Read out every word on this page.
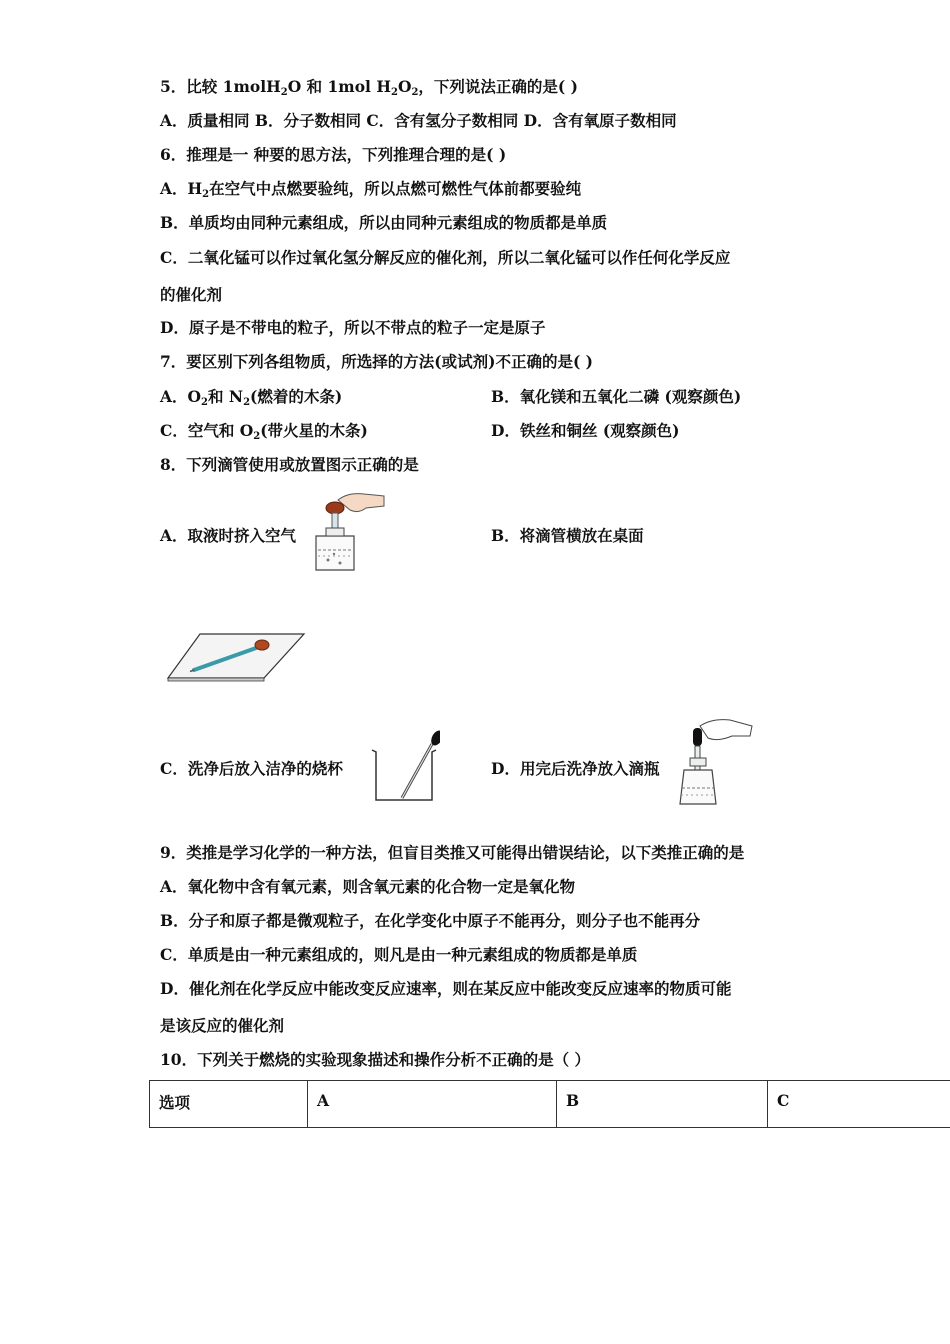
5．比较 1molH$_2$O 和 1mol $H_2O_2$，下列说法正确的是( )
A．质量相同 B．分子数相同 C．含有氢分子数相同 D．含有氧原子数相同
6．推理是一 种要的思方法，下列推理合理的是( )
A．$H_2$在空气中点燃要验纯，所以点燃可燃性气体前都要验纯
B．单质均由同种元素组成，所以由同种元素组成的物质都是单质
C．二氧化锰可以作过氧化氢分解反应的催化剂，所以二氧化锰可以作任何化学反应
的催化剂
D．原子是不带电的粒子，所以不带点的粒子一定是原子
7．要区别下列各组物质，所选择的方法(或试剂)不正确的是( )
A．$O_2$和 $N_2$(燃着的木条)	B．氧化镁和五氧化二磷 (观察颜色)
C．空气和 $O_2$(带火星的木条)	D．铁丝和铜丝 (观察颜色)
8．下列滴管使用或放置图示正确的是
A．取液时挤入空气	B．将滴管横放在桌面
C．洗净后放入洁净的烧杯	D．用完后洗净放入滴瓶
9．类推是学习化学的一种方法，但盲目类推又可能得出错误结论，以下类推正确的是
A．氧化物中含有氧元素，则含氧元素的化合物一定是氧化物
B．分子和原子都是微观粒子，在化学变化中原子不能再分，则分子也不能再分
C．单质是由一种元素组成的，则凡是由一种元素组成的物质都是单质
D．催化剂在化学反应中能改变反应速率，则在某反应中能改变反应速率的物质可能
是该反应的催化剂
10．下列关于燃烧的实验现象描述和操作分析不正确的是（ ）
选项	A	B	C
